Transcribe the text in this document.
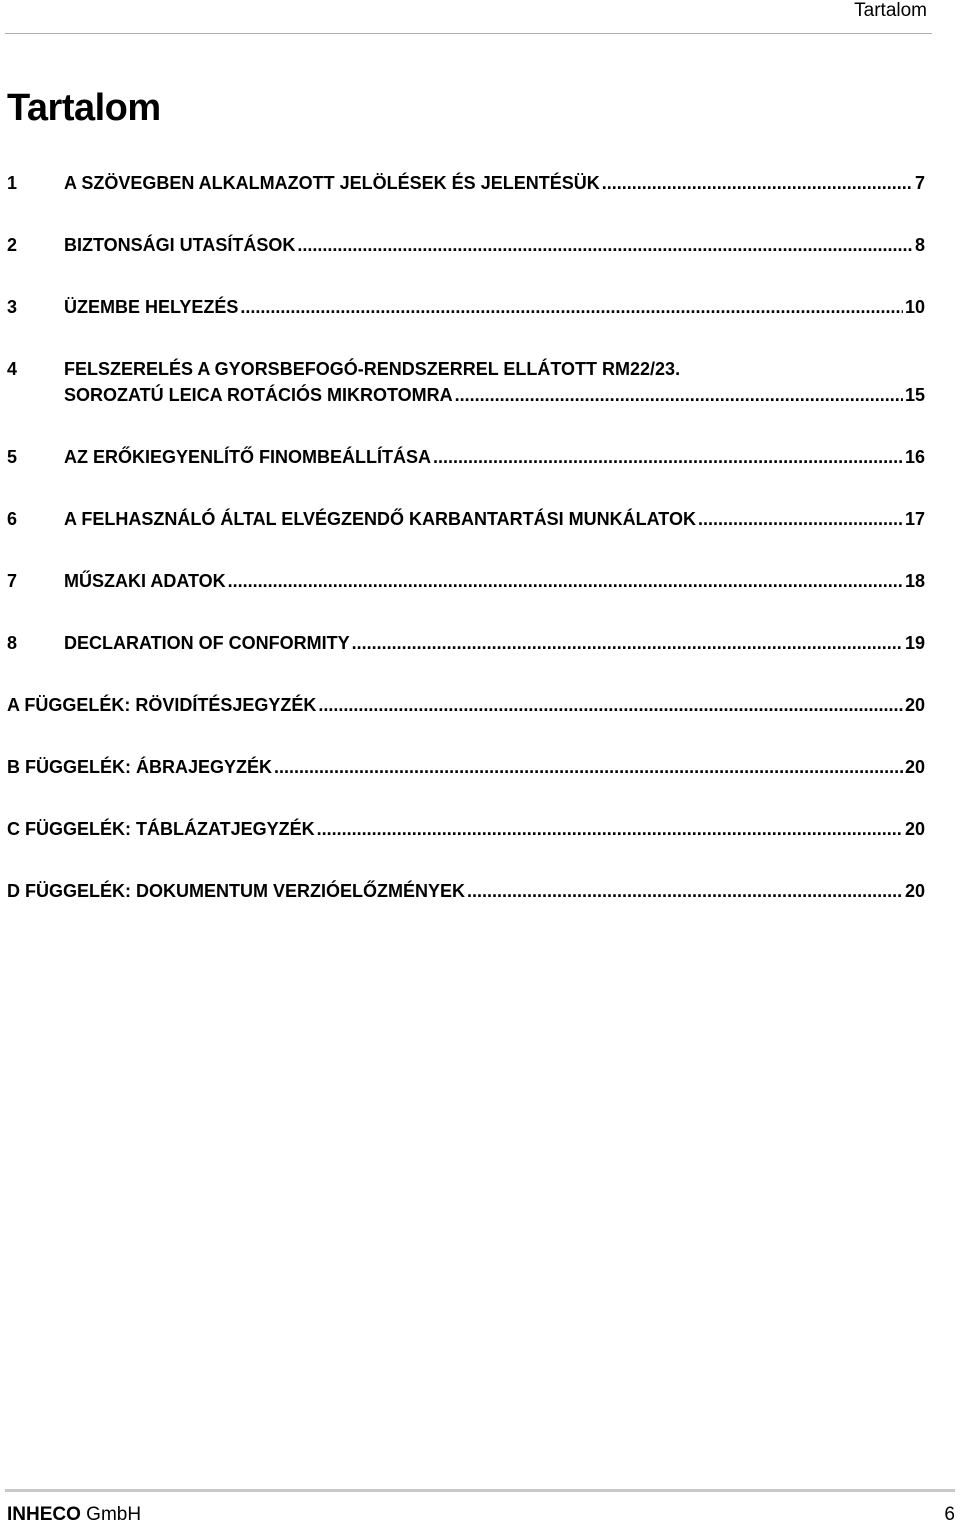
Tartalom
Tartalom
1	A SZÖVEGBEN ALKALMAZOTT JELÖLÉSEK ÉS JELENTÉSÜK .....	7
2	BIZTONSÁGI UTASÍTÁSOK .....	8
3	ÜZEMBE HELYEZÉS .....	10
4	FELSZERELÉS A GYORSBEFOGÓ-RENDSZERREL ELLÁTOTT RM22/23.
SOROZATÚ LEICA ROTÁCIÓS MIKROTOMRA .....	15
5	AZ ERŐKIEGYENLÍTŐ FINOMBEÁLLÍTÁSA .....	16
6	A FELHASZNÁLÓ ÁLTAL ELVÉGZENDŐ KARBANTARTÁSI MUNKÁLATOK .....	17
7	MŰSZAKI ADATOK .....	18
8	DECLARATION OF CONFORMITY .....	19
A FÜGGELÉK: RÖVIDÍTÉSJEGYZÉK .....	20
B FÜGGELÉK: ÁBRAJEGYZÉK .....	20
C FÜGGELÉK: TÁBLÁZATJEGYZÉK .....	20
D FÜGGELÉK: DOKUMENTUM VERZIÓELŐZMÉNYEK .....	20
INHECO GmbH	6
